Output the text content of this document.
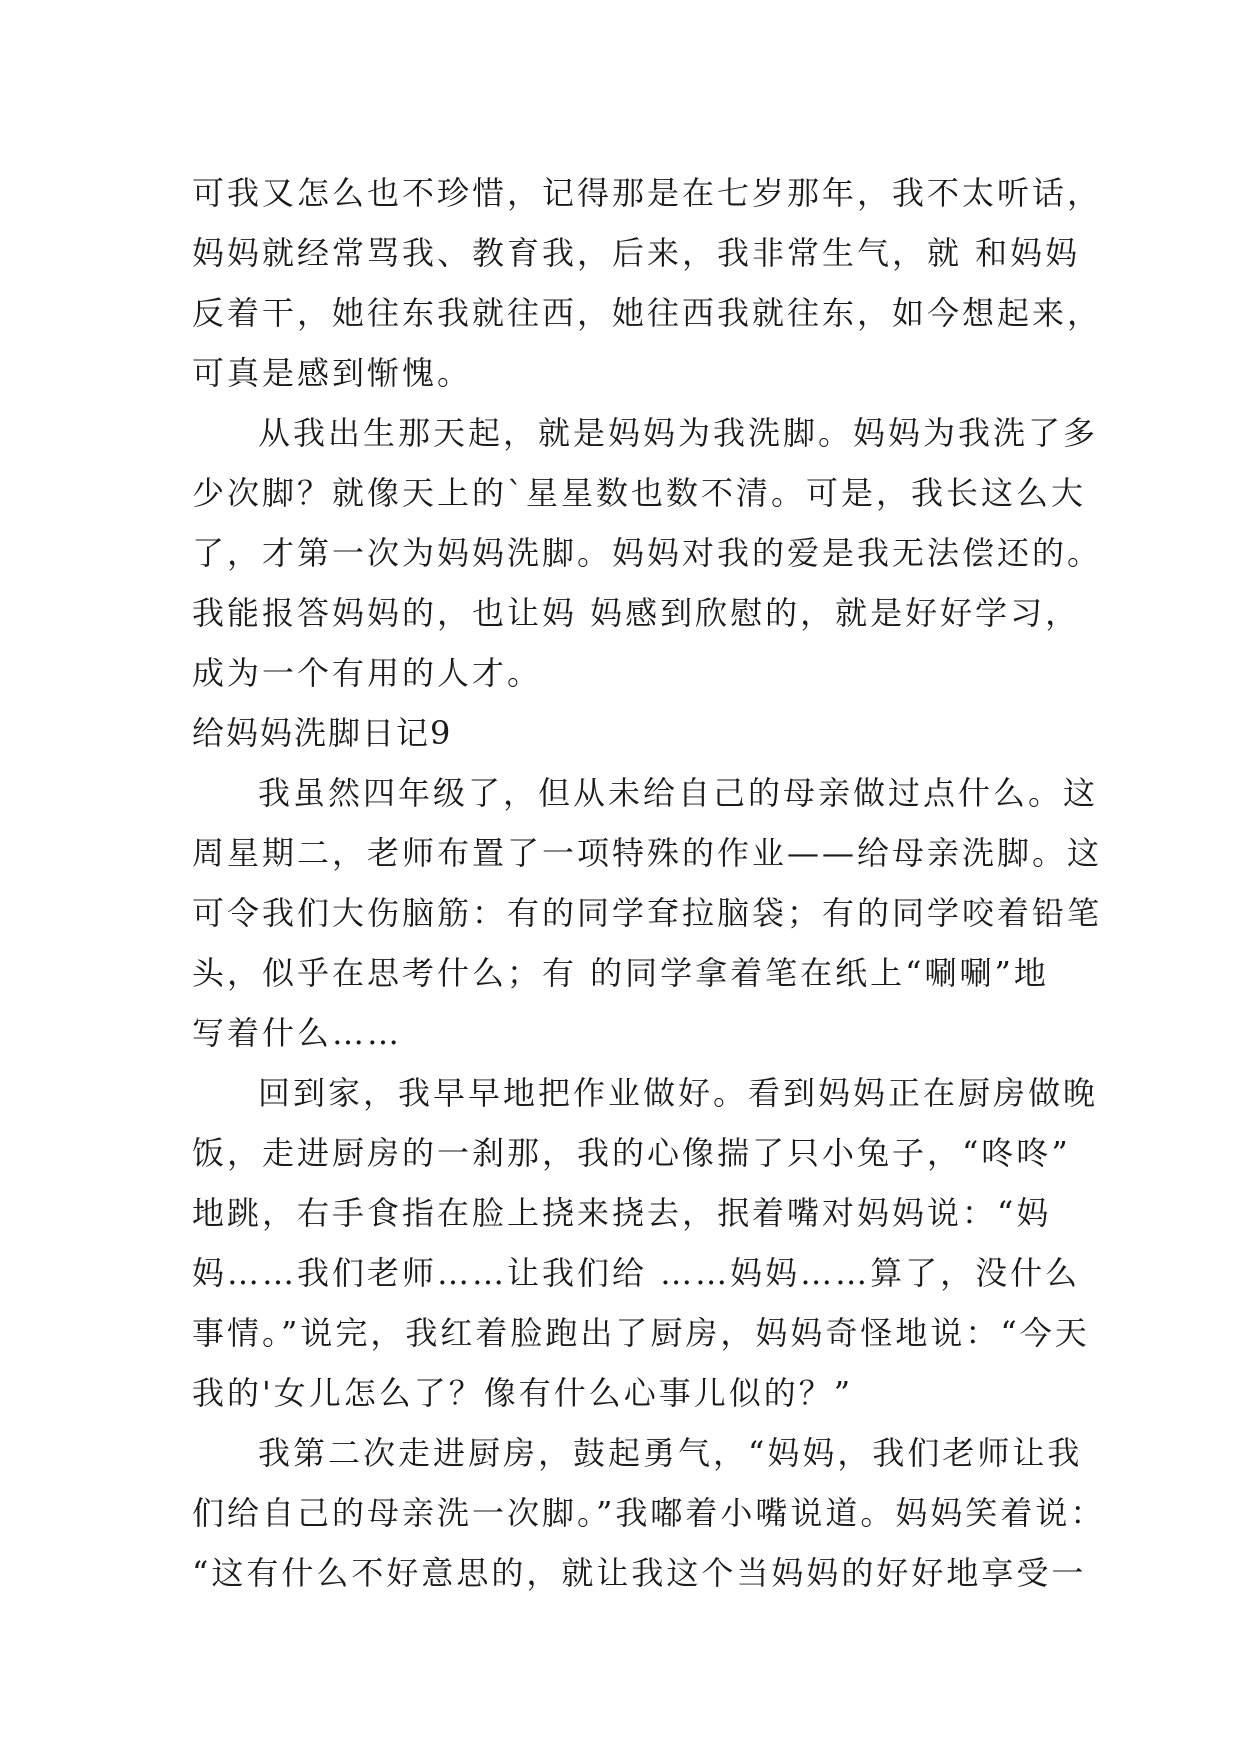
可我又怎么也不珍惜，记得那是在七岁那年，我不太听话，
妈妈就经常骂我、教育我，后来，我非常生气，就 和妈妈
反着干，她往东我就往西，她往西我就往东，如今想起来，
可真是感到惭愧。
从我出生那天起，就是妈妈为我洗脚。妈妈为我洗了多
少次脚？就像天上的`星星数也数不清。可是，我长这么大
了，才第一次为妈妈洗脚。妈妈对我的爱是我无法偿还的。
我能报答妈妈的，也让妈 妈感到欣慰的，就是好好学习，
成为一个有用的人才。
给妈妈洗脚日记9
我虽然四年级了，但从未给自己的母亲做过点什么。这
周星期二，老师布置了一项特殊的作业——给母亲洗脚。这
可令我们大伤脑筋：有的同学耷拉脑袋；有的同学咬着铅笔
头，似乎在思考什么；有 的同学拿着笔在纸上“唰唰”地
写着什么……
回到家，我早早地把作业做好。看到妈妈正在厨房做晚
饭，走进厨房的一刹那，我的心像揣了只小兔子，“咚咚”
地跳，右手食指在脸上挠来挠去，抿着嘴对妈妈说：“妈
妈……我们老师……让我们给 ……妈妈……算了，没什么
事情。”说完，我红着脸跑出了厨房，妈妈奇怪地说：“今天
我的'女儿怎么了？像有什么心事儿似的？”
我第二次走进厨房，鼓起勇气，“妈妈，我们老师让我
们给自己的母亲洗一次脚。”我嘟着小嘴说道。妈妈笑着说：
“这有什么不好意思的，就让我这个当妈妈的好好地享受一
